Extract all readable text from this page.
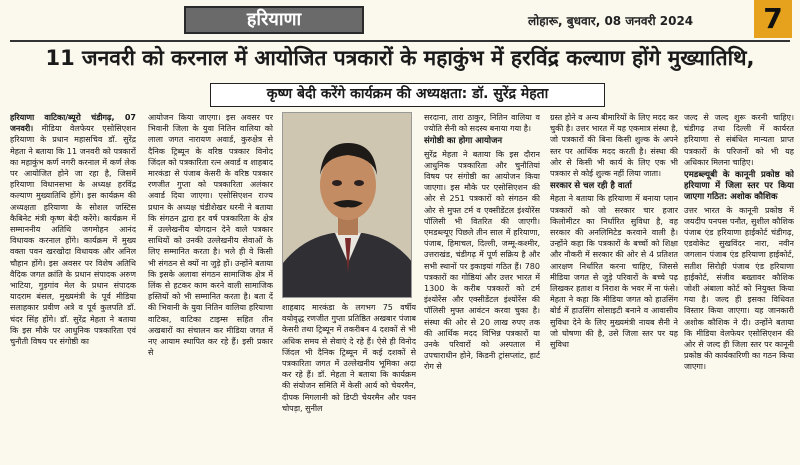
हरियाणा	लोहारू, बुधवार, 08 जनवरी 2024	7
11 जनवरी को करनाल में आयोजित पत्रकारों के महाकुंभ में हरविंद्र कल्याण होंगे मुख्यातिथि,
कृष्ण बेदी करेंगे कार्यक्रम की अध्यक्षता: डॉ. सुरेंद्र मेहता

हरियाणा वाटिका/ब्यूरो चंडीगढ़, 07 जनवरी। मीडिया वेलफेयर एसोसिएशन हरियाणा के प्रधान महासचिव डॉ. सुरेंद्र मेहता ने बताया कि 11 जनवरी को पत्रकारों का महाकुंभ कर्ण नगरी करनाल में कर्ण लेक पर आयोजित होने जा रहा है, जिसमें हरियाणा विधानसभा के अध्यक्ष हरविंद्र कल्याण मुख्यातिथि होंगे। इस कार्यक्रम की अध्यक्षता हरियाणा के सोशल जस्टिस कैबिनेट मंत्री कृष्ण बेदी करेंगे। कार्यक्रम में सम्माननीय अतिथि जगमोहन आनंद विधायक करनाल होंगे। कार्यक्रम में मुख्य वक्ता पवन खरखोदा विधायक और अनिल चौहान होंगे। इस अवसर पर विशेष अतिथि वैदिक जगत क्रांति के प्रधान संपादक अरुण भाटिया, गुड़गांव मेल के प्रधान संपादक यादराम बंसल, मुख्यमंत्री के पूर्व मीडिया सलाहकार प्रवीण अत्रे व पूर्व कुलपति डॉ. चंदर सिंह होंगे। डॉ. सुरेंद्र मेहता ने बताया कि इस मौके पर आधुनिक पत्रकारिता एवं चुनौती विषय पर संगोष्ठी का

आयोजन किया जाएगा। इस अवसर पर भिवानी जिला के युवा नितिन वालिया को लाला जगत नारायण अवार्ड, कुरुक्षेत्र से दैनिक ट्रिब्यून के वरिष्ठ पत्रकार विनोद जिंदल को पत्रकारिता रत्न अवार्ड व शाहबाद मारकंडा से पंजाब केसरी के वरिष्ठ पत्रकार रणजीत गुप्ता को पत्रकारिता अलंकार अवार्ड दिया जाएगा। एसोसिएशन राज्य प्रधान के अध्यक्ष चंडीशेखर धरनी ने बताया कि संगठन द्वारा हर वर्ष पत्रकारिता के क्षेत्र में उल्लेखनीय योगदान देने वाले पत्रकार साथियों को उनकी उल्लेखनीय सेवाओं के लिए सम्मानित करता है। भले ही वे किसी भी संगठन से क्यों ना जुड़े हों। उन्होंने बताया कि इसके अलावा संगठन सामाजिक क्षेत्र में लिंक से हटकर काम करने वाली सामाजिक हस्तियों को भी सम्मानित करता है। बता दें की भिवानी के युवा नितिन वालिया हरियाणा वाटिका, वाटिका टाइम्स सहित तीन अखबारों का संचालन कर मीडिया जगत में नए आयाम स्थापित कर रहे हैं। इसी प्रकार से

शाहबाद मारकंडा के लगभग 75 वर्षीय वयोवृद्ध रणजीत गुप्ता प्रतिष्ठित अखबार पंजाब केसरी तथा ट्रिब्यून में तकरीबन 4 दशकों से भी अधिक समय से सेवाएं दे रहे हैं। ऐसे ही विनोद जिंदल भी दैनिक ट्रिब्यून में कई दशकों से पत्रकारिता जगत में उल्लेखनीय भूमिका अदा कर रहे हैं। डॉ. मेहता ने बताया कि कार्यक्रम की संयोजन समिति में केसी आर्य को चेयरमैन, दीपक मिगलानी को डिप्टी चेयरमैन और पवन चोपड़ा, सुनील

सरदाना, तारा ठाकुर, नितिन वालिया व ज्योति सैनी को सदस्य बनाया गया है।

संगोष्ठी का होगा आयोजन

सुरेंद्र मेहता ने बताया कि इस दौरान आधुनिक पत्रकारिता और चुनौतियां विषय पर संगोष्ठी का आयोजन किया जाएगा। इस मौके पर एसोसिएशन की ओर से 251 पत्रकारों को संगठन की ओर से मुफ्त टर्म व एक्सीडेंटल इंश्योरेंस पॉलिसी भी वितरित की जाएगी। एमडब्ल्यूए पिछले तीन साल में हरियाणा, पंजाब, हिमाचल, दिल्ली, जम्मू-कश्मीर, उत्तराखंड, चंडीगढ़ में पूर्ण सक्रिय है और सभी स्थानों पर इकाइयां गठित हैं। 780 पत्रकारों का गोष्ठियां और उत्तर भारत में 1300 के करीब पत्रकारों को टर्म इंश्योरेंस और एक्सीडेंटल इंश्योरेंस की पॉलिसी मुफ्त आवंटन करवा चुका है। संस्था की ओर से 20 लाख रुपए तक की आर्थिक मदद विभिन्न पत्रकारों या उनके परिवारों को अस्पताल में उपचाराधीन होने, किडनी ट्रांसप्लांट, हार्ट रोग से

ग्रस्त होने व अन्य बीमारियों के लिए मदद कर चुकी है। उत्तर भारत में यह एकमात्र संस्था है, जो पत्रकारों की बिना किसी शुल्क के अपने स्तर पर आर्थिक मदद करती है। संस्था की ओर से किसी भी कार्य के लिए एक भी पत्रकार से कोई शुल्क नहीं लिया जाता।

सरकार से चल रही है वार्ता

मेहता ने बताया कि हरियाणा में बनाया प्लान पत्रकारों को जो सरकार चार हजार किलोमीटर का निर्धारित सुविधा है, वह सरकार की अनलिमिटेड करवाने वाली है। उन्होंने कहा कि पत्रकारों के बच्चों को शिक्षा और नौकरी में सरकार की ओर से 4 प्रतिशत आरक्षण निर्धारित करना चाहिए, जिससे मीडिया जगत से जुड़े परिवारों के बच्चे पढ़ लिखकर हताश व निराश के भवर में ना फंसे। मेहता ने कहा कि मीडिया जगत को हाउसिंग बोर्ड में हाउसिंग सोसाइटी बनाने व आवासीय सुविधा देने के लिए मुख्यमंत्री नायब सैनी ने जो घोषणा की है, उसे जिला स्तर पर यह सुविधा

जल्द से जल्द शुरू करनी चाहिए। चंडीगढ़ तथा दिल्ली में कार्यरत हरियाणा से संबंधित मान्यता प्राप्त पत्रकारों के परिजनों को भी यह अधिकार मिलना चाहिए।

एमडब्ल्यूबी के कानूनी प्रकोष्ठ को हरियाणा में जिला स्तर पर किया जाएगा गठित: अशोक कौशिक

उत्तर भारत के कानूनी प्रकोष्ठ में जयदीप पनपस पनौत, सुशील कौशिक पंजाब एंड हरियाणा हाईकोर्ट चंडीगढ़, एडवोकेट सुखविंदर नारा, नवीन जगलान पंजाब एंड हरियाणा हाईकोर्ट, सतीश सिरोही पंजाब एंड हरियाणा हाईकोर्ट, संजीव बख्तावर कौशिक जोशी अंबाला कोर्ट को नियुक्त किया गया है। जल्द ही इसका विधिवत विस्तार किया जाएगा। यह जानकारी अशोक कौशिक ने दी। उन्होंने बताया कि मीडिया वेलफेयर एसोसिएशन की ओर से जल्द ही जिला स्तर पर कानूनी प्रकोष्ठ की कार्यकारिणी का गठन किया जाएगा।
